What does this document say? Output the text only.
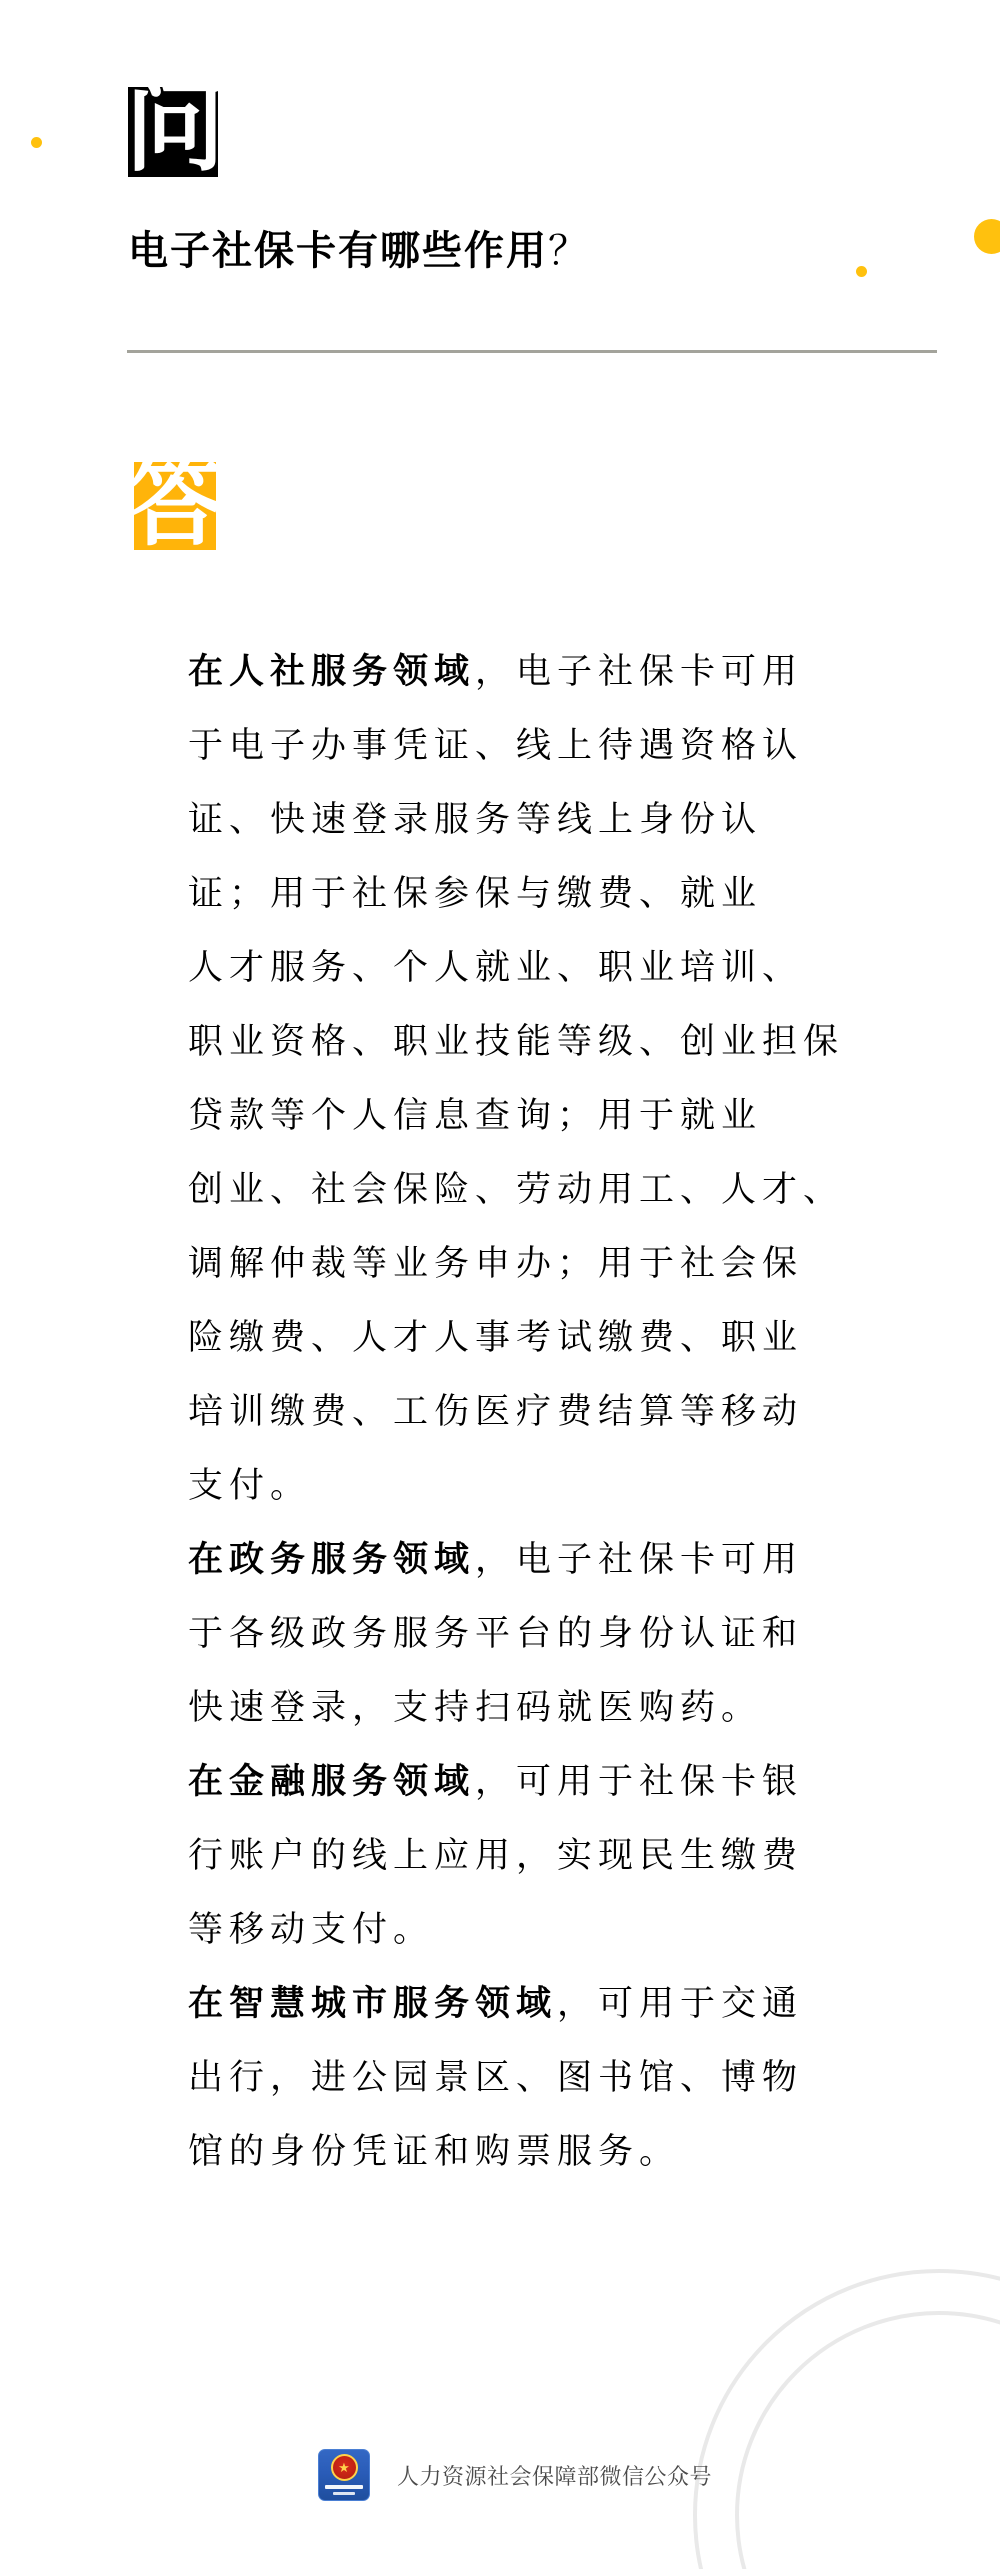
问
电子社保卡有哪些作用？
答
在人社服务领域，电子社保卡可用
于电子办事凭证、线上待遇资格认
证、快速登录服务等线上身份认
证；用于社保参保与缴费、就业
人才服务、个人就业、职业培训、
职业资格、职业技能等级、创业担保
贷款等个人信息查询；用于就业
创业、社会保险、劳动用工、人才、
调解仲裁等业务申办；用于社会保
险缴费、人才人事考试缴费、职业
培训缴费、工伤医疗费结算等移动
支付。
在政务服务领域，电子社保卡可用
于各级政务服务平台的身份认证和
快速登录，支持扫码就医购药。
在金融服务领域，可用于社保卡银
行账户的线上应用，实现民生缴费
等移动支付。
在智慧城市服务领域，可用于交通
出行，进公园景区、图书馆、博物
馆的身份凭证和购票服务。
★ 人力资源社会保障部微信公众号
